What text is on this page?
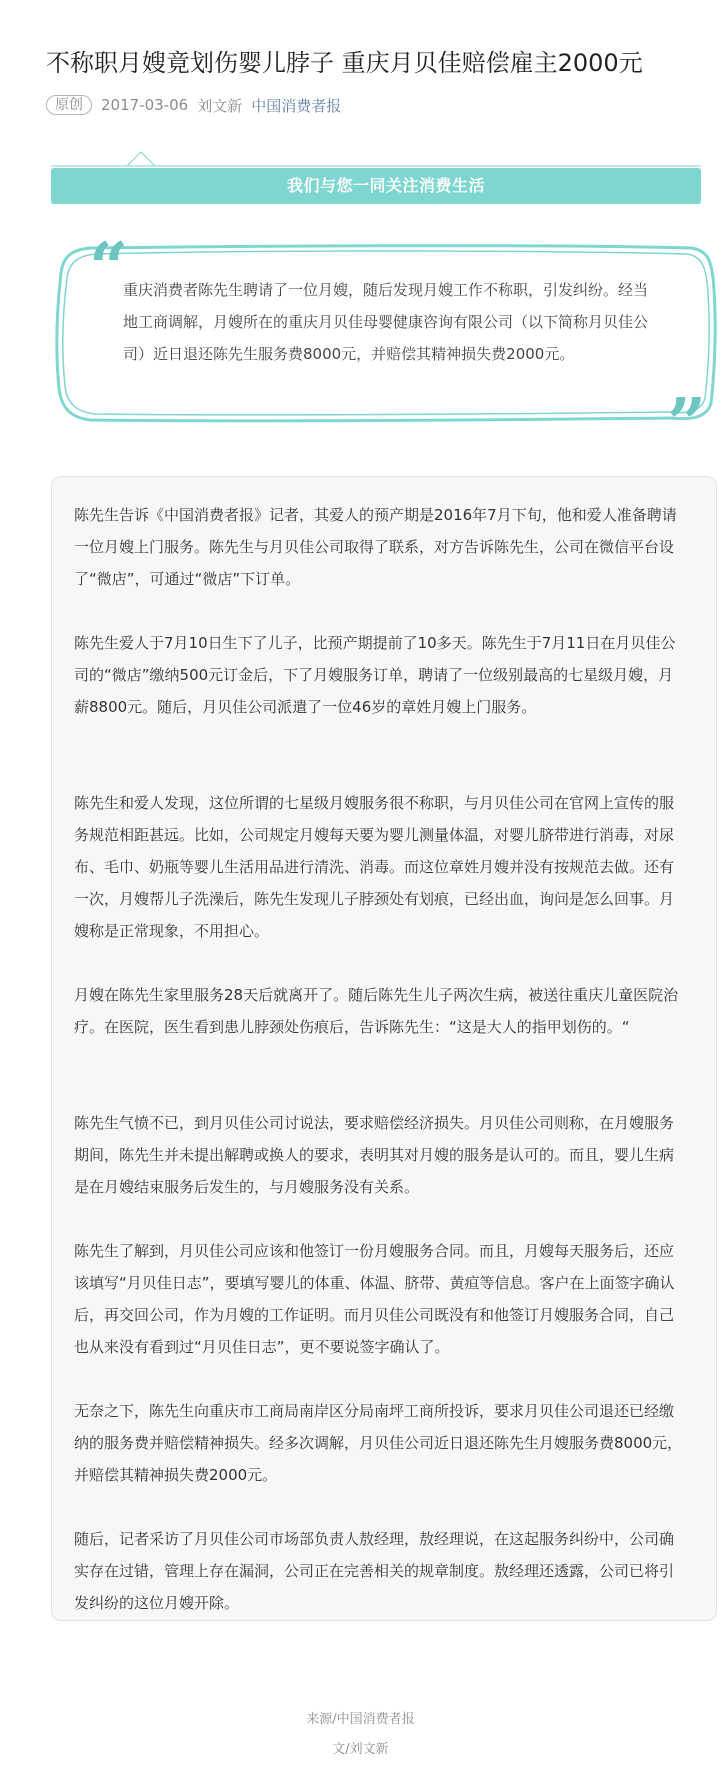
不称职月嫂竟划伤婴儿脖子 重庆月贝佳赔偿雇主2000元
原创	2017-03-06 刘文新 中国消费者报
我们与您一同关注消费生活
“
重庆消费者陈先生聘请了一位月嫂，随后发现月嫂工作不称职，引发纠纷。经当地工商调解，月嫂所在的重庆月贝佳母婴健康咨询有限公司（以下简称月贝佳公司）近日退还陈先生服务费8000元，并赔偿其精神损失费2000元。
”

陈先生告诉《中国消费者报》记者，其爱人的预产期是2016年7月下旬，他和爱人准备聘请一位月嫂上门服务。陈先生与月贝佳公司取得了联系，对方告诉陈先生，公司在微信平台设了“微店”，可通过“微店”下订单。

陈先生爱人于7月10日生下了儿子，比预产期提前了10多天。陈先生于7月11日在月贝佳公司的“微店”缴纳500元订金后，下了月嫂服务订单，聘请了一位级别最高的七星级月嫂，月薪8800元。随后，月贝佳公司派遣了一位46岁的章姓月嫂上门服务。

陈先生和爱人发现，这位所谓的七星级月嫂服务很不称职，与月贝佳公司在官网上宣传的服务规范相距甚远。比如，公司规定月嫂每天要为婴儿测量体温，对婴儿脐带进行消毒，对尿布、毛巾、奶瓶等婴儿生活用品进行清洗、消毒。而这位章姓月嫂并没有按规范去做。还有一次，月嫂帮儿子洗澡后，陈先生发现儿子脖颈处有划痕，已经出血，询问是怎么回事。月嫂称是正常现象，不用担心。

月嫂在陈先生家里服务28天后就离开了。随后陈先生儿子两次生病，被送往重庆儿童医院治疗。在医院，医生看到患儿脖颈处伤痕后，告诉陈先生：“这是大人的指甲划伤的。“

陈先生气愤不已，到月贝佳公司讨说法，要求赔偿经济损失。月贝佳公司则称，在月嫂服务期间，陈先生并未提出解聘或换人的要求，表明其对月嫂的服务是认可的。而且，婴儿生病是在月嫂结束服务后发生的，与月嫂服务没有关系。

陈先生了解到，月贝佳公司应该和他签订一份月嫂服务合同。而且，月嫂每天服务后，还应该填写“月贝佳日志”，要填写婴儿的体重、体温、脐带、黄疸等信息。客户在上面签字确认后，再交回公司，作为月嫂的工作证明。而月贝佳公司既没有和他签订月嫂服务合同，自己也从来没有看到过“月贝佳日志”，更不要说签字确认了。

无奈之下，陈先生向重庆市工商局南岸区分局南坪工商所投诉，要求月贝佳公司退还已经缴纳的服务费并赔偿精神损失。经多次调解，月贝佳公司近日退还陈先生月嫂服务费8000元，并赔偿其精神损失费2000元。

随后，记者采访了月贝佳公司市场部负责人敖经理，敖经理说，在这起服务纠纷中，公司确实存在过错，管理上存在漏洞，公司正在完善相关的规章制度。敖经理还透露，公司已将引发纠纷的这位月嫂开除。

来源/中国消费者报
文/刘文新
